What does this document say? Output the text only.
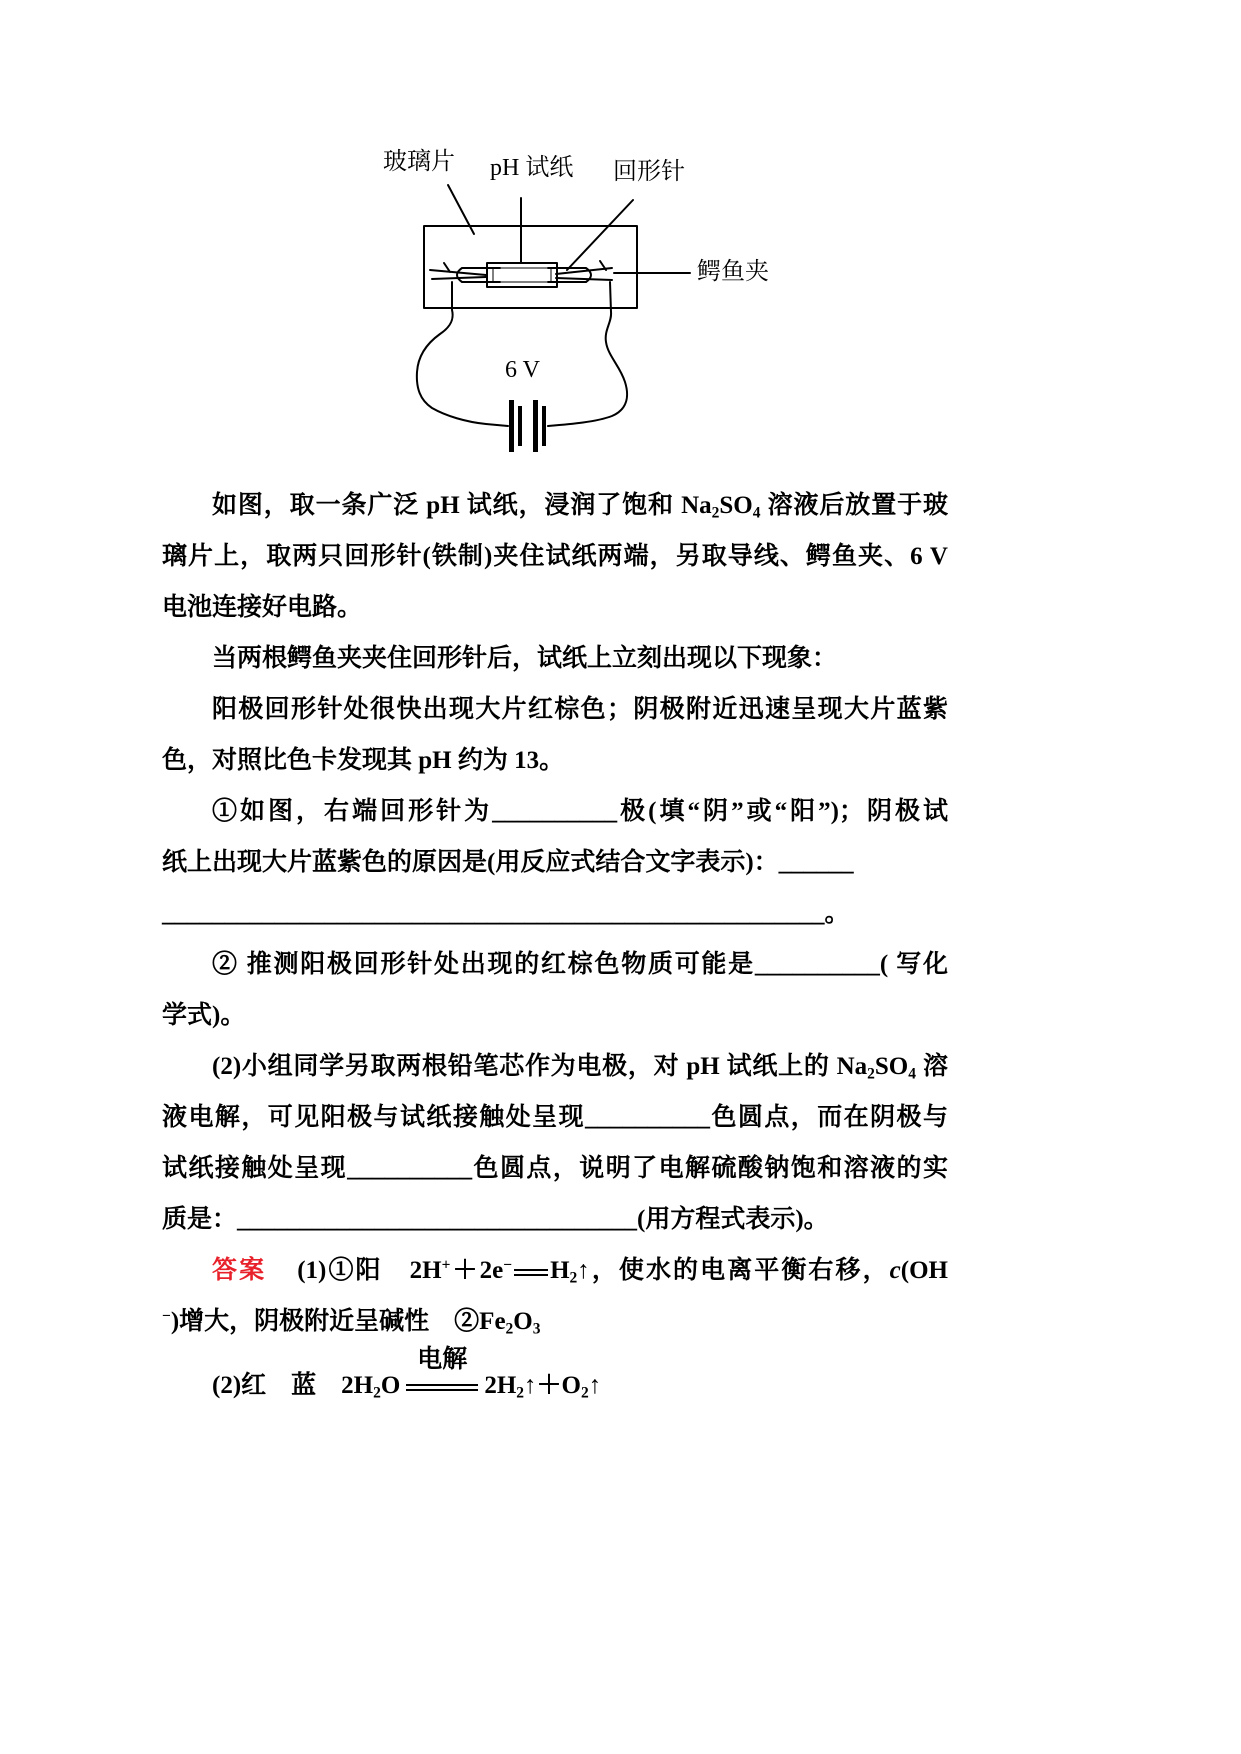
玻璃片 pH 试纸 回形针
鳄鱼夹
6 V
如图，取一条广泛 pH 试纸，浸润了饱和 $Na_2SO_4$ 溶液后放置于玻
璃片上，取两只回形针(铁制)夹住试纸两端，另取导线、鳄鱼夹、6 V
电池连接好电路。
当两根鳄鱼夹夹住回形针后，试纸上立刻出现以下现象：
阳极回形针处很快出现大片红棕色；阴极附近迅速呈现大片蓝紫
色，对照比色卡发现其 pH 约为 13。
①如图，右端回形针为__________极(填“阴”或“阳”)；阴极试
纸上出现大片蓝紫色的原因是(用反应式结合文字表示)：______
_____________________________________________________。
② 推测阳极回形针处出现的红棕色物质可能是__________( 写化
学式)。
(2)小组同学另取两根铅笔芯作为电极，对 pH 试纸上的 $Na_2SO_4$ 溶
液电解，可见阳极与试纸接触处呈现__________色圆点，而在阴极与
试纸接触处呈现__________色圆点，说明了电解硫酸钠饱和溶液的实
质是：________________________________(用方程式表示)。
答案　(1)①阳　2H+＋2e− $H_2↑$，使水的电离平衡右移，c(OH
−)增大，阴极附近呈碱性　$②Fe_2O_3$
(2)红　蓝　$2H_2O$
电解
$2H_2↑+O_2↑$
